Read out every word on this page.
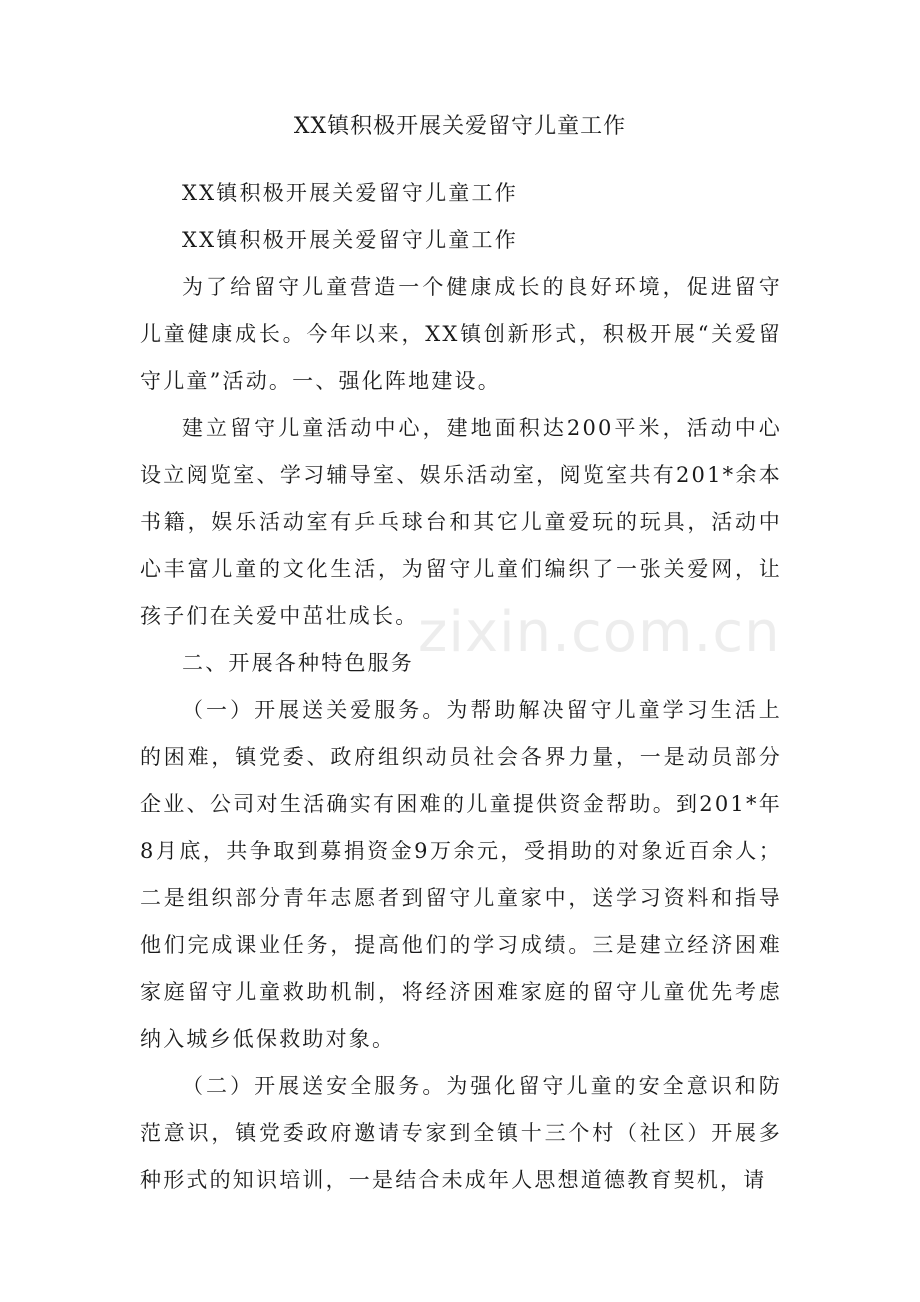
XX镇积极开展关爱留守儿童工作

XX镇积极开展关爱留守儿童工作

XX镇积极开展关爱留守儿童工作

为了给留守儿童营造一个健康成长的良好环境，促进留守儿童健康成长。今年以来，XX镇创新形式，积极开展“关爱留守儿童”活动。一、强化阵地建设。

建立留守儿童活动中心，建地面积达200平米，活动中心设立阅览室、学习辅导室、娱乐活动室，阅览室共有201*余本书籍，娱乐活动室有乒乓球台和其它儿童爱玩的玩具，活动中心丰富儿童的文化生活，为留守儿童们编织了一张关爱网，让孩子们在关爱中茁壮成长。

二、开展各种特色服务

（一）开展送关爱服务。为帮助解决留守儿童学习生活上的困难，镇党委、政府组织动员社会各界力量，一是动员部分企业、公司对生活确实有困难的儿童提供资金帮助。到201*年8月底，共争取到募捐资金9万余元，受捐助的对象近百余人；二是组织部分青年志愿者到留守儿童家中，送学习资料和指导他们完成课业任务，提高他们的学习成绩。三是建立经济困难家庭留守儿童救助机制，将经济困难家庭的留守儿童优先考虑纳入城乡低保救助对象。

（二）开展送安全服务。为强化留守儿童的安全意识和防范意识，镇党委政府邀请专家到全镇十三个村（社区）开展多种形式的知识培训，一是结合未成年人思想道德教育契机，请

zixin.com.cn
